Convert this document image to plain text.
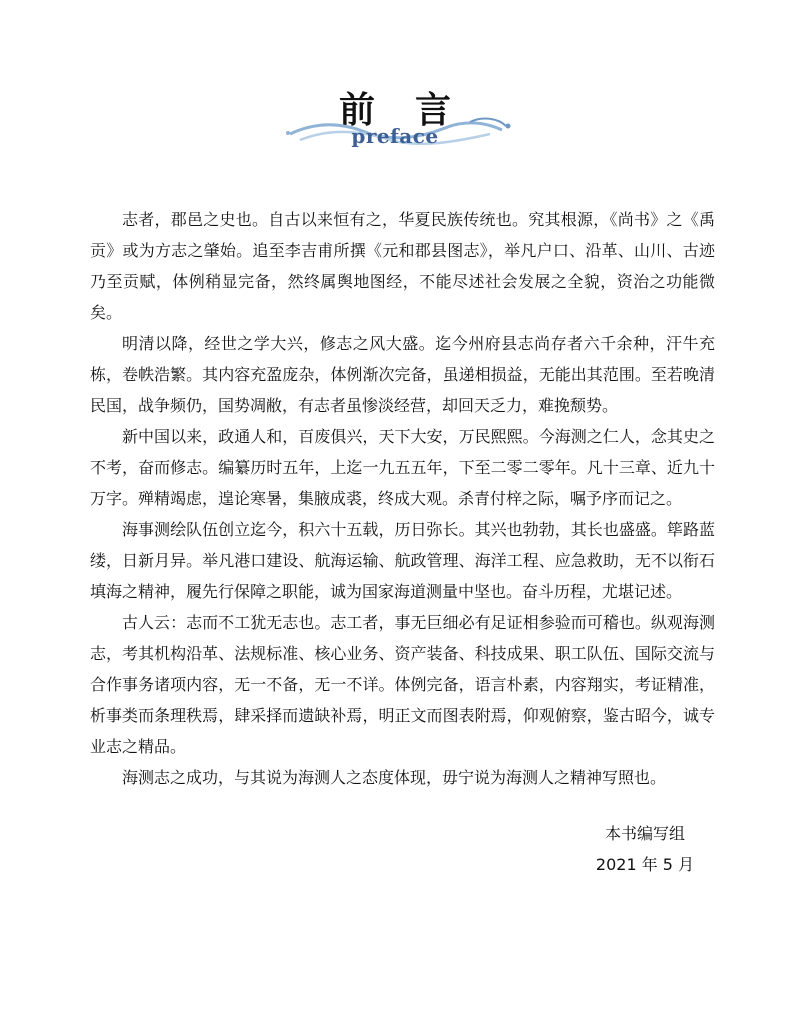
前言
preface

志者，郡邑之史也。自古以来恒有之，华夏民族传统也。究其根源，《尚书》之《禹贡》或为方志之肇始。追至李吉甫所撰《元和郡县图志》，举凡户口、沿革、山川、古迹乃至贡赋，体例稍显完备，然终属舆地图经，不能尽述社会发展之全貌，资治之功能微矣。

明清以降，经世之学大兴，修志之风大盛。迄今州府县志尚存者六千余种，汗牛充栋，卷帙浩繁。其内容充盈庞杂，体例渐次完备，虽递相损益，无能出其范围。至若晚清民国，战争频仍，国势凋敝，有志者虽惨淡经营，却回天乏力，难挽颓势。

新中国以来，政通人和，百废俱兴，天下大安，万民熙熙。今海测之仁人，念其史之不考，奋而修志。编纂历时五年，上迄一九五五年，下至二零二零年。凡十三章、近九十万字。殚精竭虑，遑论寒暑，集腋成裘，终成大观。杀青付梓之际，嘱予序而记之。

海事测绘队伍创立迄今，积六十五载，历日弥长。其兴也勃勃，其长也盛盛。筚路蓝缕，日新月异。举凡港口建设、航海运输、航政管理、海洋工程、应急救助，无不以衔石填海之精神，履先行保障之职能，诚为国家海道测量中坚也。奋斗历程，尤堪记述。

古人云：志而不工犹无志也。志工者，事无巨细必有足证相参验而可稽也。纵观海测志，考其机构沿革、法规标准、核心业务、资产装备、科技成果、职工队伍、国际交流与合作事务诸项内容，无一不备，无一不详。体例完备，语言朴素，内容翔实，考证精准，析事类而条理秩焉，肆采择而遗缺补焉，明正文而图表附焉，仰观俯察，鉴古昭今，诚专业志之精品。

海测志之成功，与其说为海测人之态度体现，毋宁说为海测人之精神写照也。

本书编写组
2021 年 5 月
